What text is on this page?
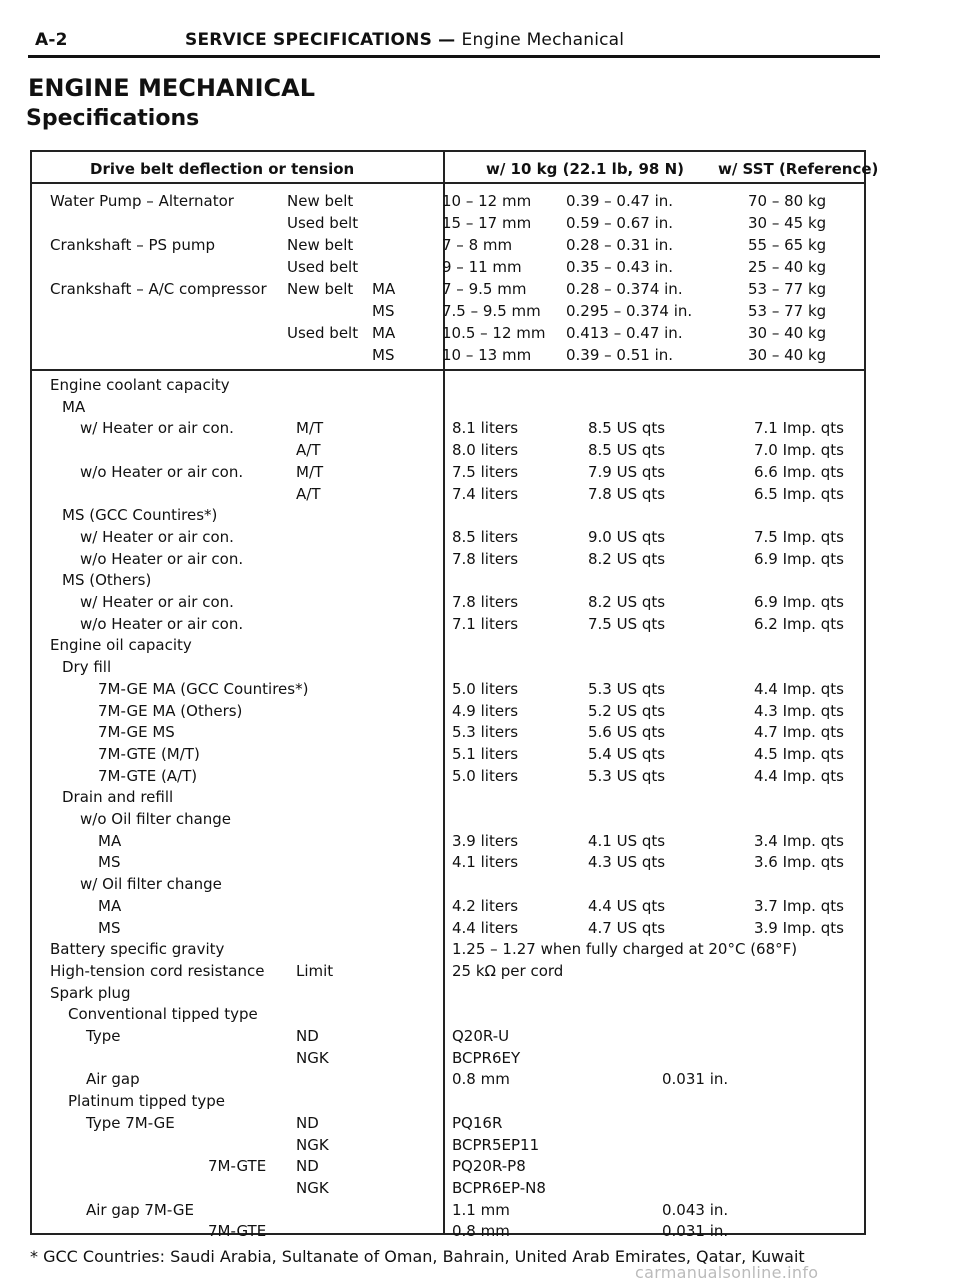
A-2	SERVICE SPECIFICATIONS — Engine Mechanical
ENGINE MECHANICAL
Specifications
Drive belt deflection or tension	w/ 10 kg (22.1 lb, 98 N) w/ SST (Reference)
Water Pump – Alternator	New belt	10 – 12 mm 0.39 – 0.47 in.	70 – 80 kg
Used belt	15 – 17 mm 0.59 – 0.67 in.	30 – 45 kg
Crankshaft – PS pump	New belt	7 – 8 mm	0.28 – 0.31 in.	55 – 65 kg
Used belt	9 – 11 mm	0.35 – 0.43 in.	25 – 40 kg
Crankshaft – A/C compressor New belt MA	7 – 9.5 mm	0.28 – 0.374 in.	53 – 77 kg
MS	7.5 – 9.5 mm 0.295 – 0.374 in.	53 – 77 kg
Used belt MA	10.5 – 12 mm 0.413 – 0.47 in.	30 – 40 kg
MS	10 – 13 mm 0.39 – 0.51 in.	30 – 40 kg
Engine coolant capacity
MA
w/ Heater or air con.	M/T	8.1 liters	8.5 US qts	7.1 Imp. qts
A/T	8.0 liters	8.5 US qts	7.0 Imp. qts
w/o Heater or air con.	M/T	7.5 liters	7.9 US qts	6.6 Imp. qts
A/T	7.4 liters	7.8 US qts	6.5 Imp. qts
MS (GCC Countires*)
w/ Heater or air con.	8.5 liters	9.0 US qts	7.5 Imp. qts
w/o Heater or air con.	7.8 liters	8.2 US qts	6.9 Imp. qts
MS (Others)
w/ Heater or air con.	7.8 liters	8.2 US qts	6.9 Imp. qts
w/o Heater or air con.	7.1 liters	7.5 US qts	6.2 Imp. qts
Engine oil capacity
Dry fill
7M-GE MA (GCC Countires*)	5.0 liters	5.3 US qts	4.4 Imp. qts
7M-GE MA (Others)	4.9 liters	5.2 US qts	4.3 Imp. qts
7M-GE MS	5.3 liters	5.6 US qts	4.7 Imp. qts
7M-GTE (M/T)	5.1 liters	5.4 US qts	4.5 Imp. qts
7M-GTE (A/T)	5.0 liters	5.3 US qts	4.4 Imp. qts
Drain and refill
w/o Oil filter change
MA	3.9 liters	4.1 US qts	3.4 Imp. qts
MS	4.1 liters	4.3 US qts	3.6 Imp. qts
w/ Oil filter change
MA	4.2 liters	4.4 US qts	3.7 Imp. qts
MS	4.4 liters	4.7 US qts	3.9 Imp. qts
Battery specific gravity	1.25 – 1.27 when fully charged at 20°C (68°F)
High-tension cord resistance Limit	25 kΩ per cord
Spark plug
Conventional tipped type
Type	ND	Q20R-U
NGK	BCPR6EY
Air gap	0.8 mm	0.031 in.
Platinum tipped type
Type 7M-GE	ND	PQ16R
NGK	BCPR5EP11
7M-GTE ND	PQ20R-P8
NGK	BCPR6EP-N8
Air gap 7M-GE	1.1 mm	0.043 in.
7M-GTE	0.8 mm	0.031 in.
* GCC Countries: Saudi Arabia, Sultanate of Oman, Bahrain, United Arab Emirates, Qatar, Kuwait
carmanualsonline.info
